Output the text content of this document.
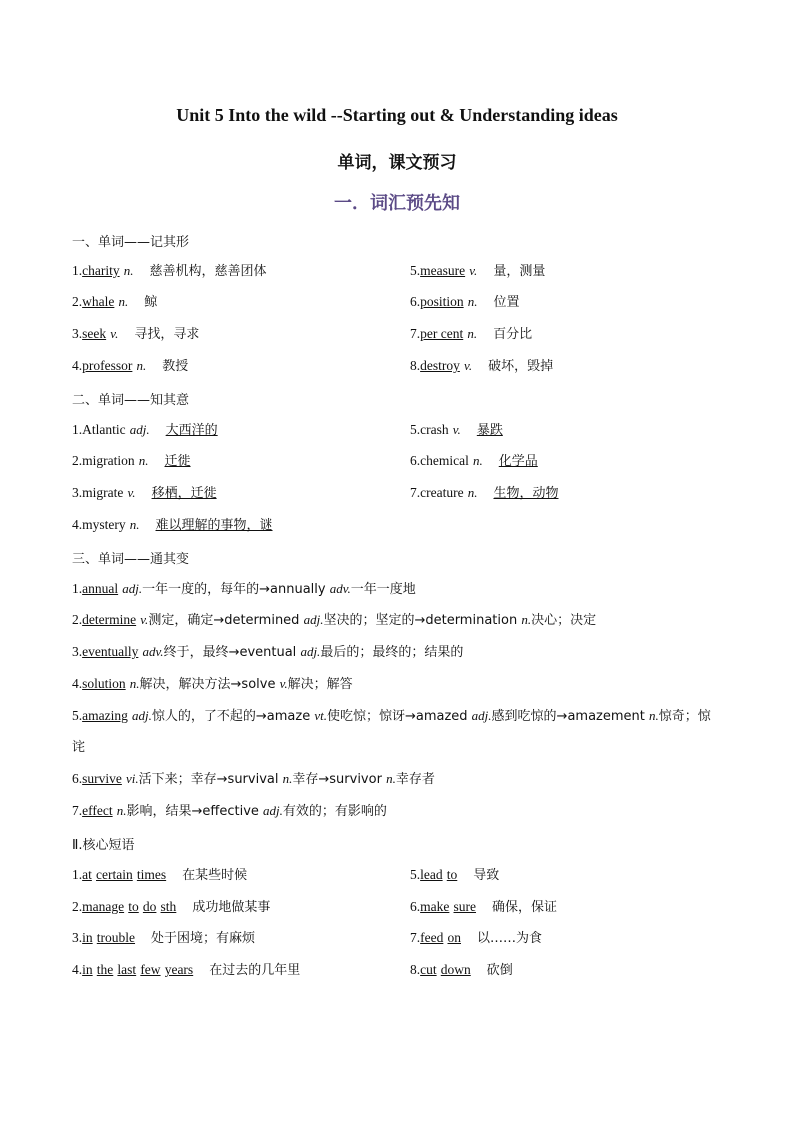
Unit 5 Into the wild --Starting out & Understanding ideas
单词，课文预习
一．词汇预先知
一、单词——记其形
1.charity n. 慈善机构，慈善团体
2.whale n. 鲸
3.seek v. 寻找，寻求
4.professor n. 教授
5.measure v. 量，测量
6.position n. 位置
7.per cent n. 百分比
8.destroy v. 破坏，毁掉
二、单词——知其意
1.Atlantic adj. 大西洋的
2.migration n. 迁徙
3.migrate v. 移栖，迁徙
4.mystery n. 难以理解的事物，谜
5.crash v. 暴跌
6.chemical n. 化学品
7.creature n. 生物，动物
三、单词——通其变
1.annual adj.一年一度的，每年的→annually adv.一年一度地
2.determine v.测定，确定→determined adj.坚决的；坚定的→determination n.决心；决定
3.eventually adv.终于，最终→eventual adj.最后的；最终的；结果的
4.solution n.解决，解决方法→solve v.解决；解答
5.amazing adj.惊人的，了不起的→amaze vt.使吃惊；惊讶→amazed adj.感到吃惊的→amazement n.惊奇；惊
诧
6.survive vi.活下来；幸存→survival n.幸存→survivor n.幸存者
7.effect n.影响，结果→effective adj.有效的；有影响的
Ⅱ.核心短语
1.at certain times 在某些时候
2.manage to do sth 成功地做某事
3.in trouble 处于困境；有麻烦
4.in the last few years 在过去的几年里
5.lead to 导致
6.make sure 确保，保证
7.feed on 以……为食
8.cut down 砍倒
